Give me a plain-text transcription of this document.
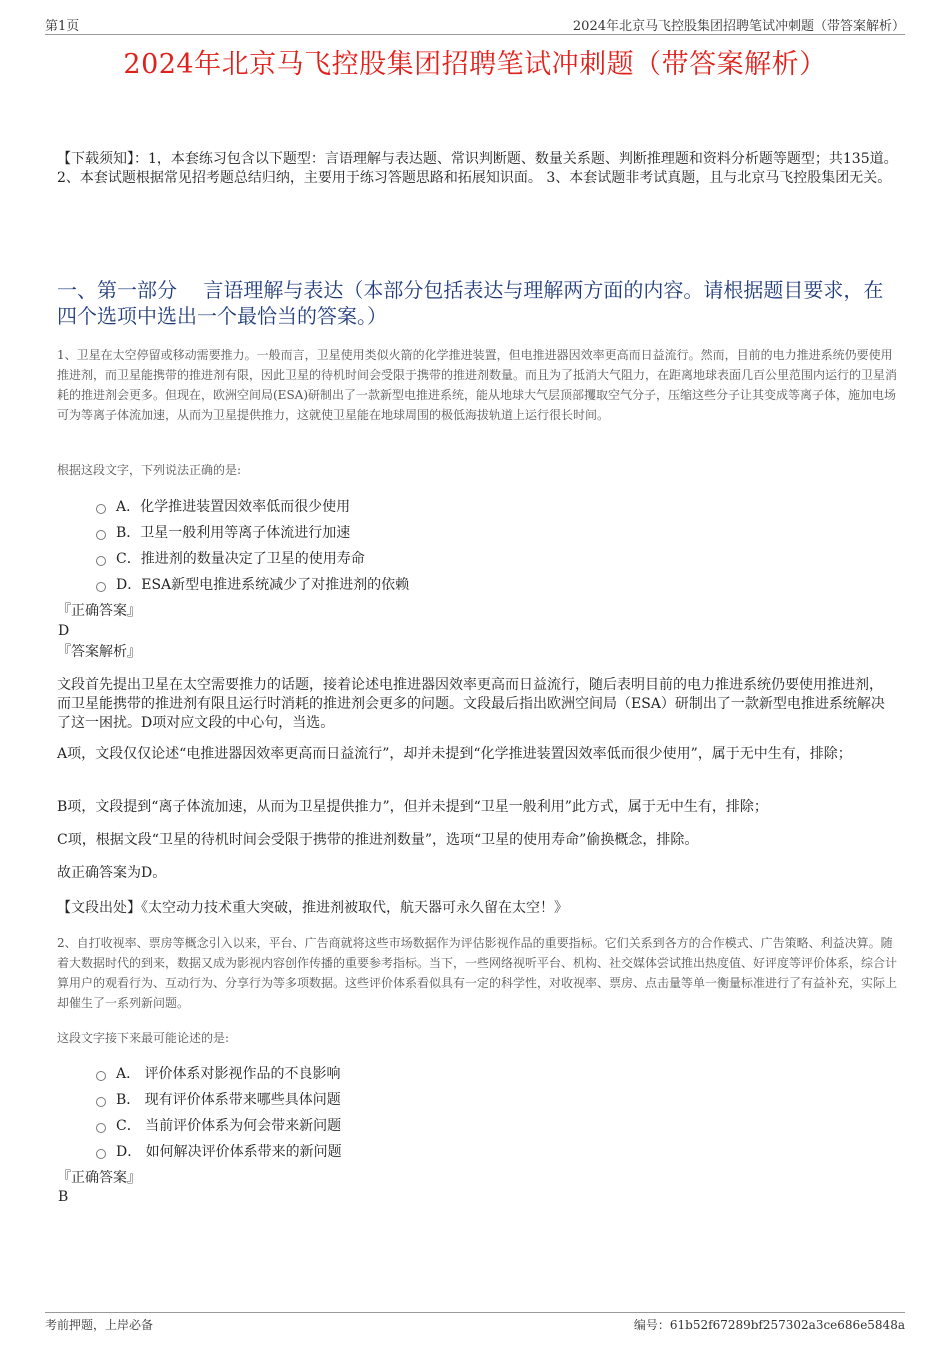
第1页	2024年北京马飞控股集团招聘笔试冲刺题（带答案解析）
2024年北京马飞控股集团招聘笔试冲刺题（带答案解析）
【下载须知】：1，本套练习包含以下题型：言语理解与表达题、常识判断题、数量关系题、判断推理题和资料分析题等题型；共135道。 2、本套试题根据常见招考题总结归纳，主要用于练习答题思路和拓展知识面。 3、本套试题非考试真题，且与北京马飞控股集团无关。
一、第一部分　 言语理解与表达（本部分包括表达与理解两方面的内容。请根据题目要求，在四个选项中选出一个最恰当的答案。）
1、卫星在太空停留或移动需要推力。一般而言，卫星使用类似火箭的化学推进装置，但电推进器因效率更高而日益流行。然而，目前的电力推进系统仍要使用推进剂，而卫星能携带的推进剂有限，因此卫星的待机时间会受限于携带的推进剂数量。而且为了抵消大气阻力，在距离地球表面几百公里范围内运行的卫星消耗的推进剂会更多。但现在，欧洲空间局(ESA)研制出了一款新型电推进系统，能从地球大气层顶部攫取空气分子，压缩这些分子让其变成等离子体，施加电场可为等离子体流加速，从而为卫星提供推力，这就使卫星能在地球周围的极低海拔轨道上运行很长时间。
根据这段文字，下列说法正确的是:
A．化学推进装置因效率低而很少使用
B．卫星一般利用等离子体流进行加速
C．推进剂的数量决定了卫星的使用寿命
D．ESA新型电推进系统减少了对推进剂的依赖
『正确答案』
D
『答案解析』
文段首先提出卫星在太空需要推力的话题，接着论述电推进器因效率更高而日益流行，随后表明目前的电力推进系统仍要使用推进剂，而卫星能携带的推进剂有限且运行时消耗的推进剂会更多的问题。文段最后指出欧洲空间局（ESA）研制出了一款新型电推进系统解决了这一困扰。D项对应文段的中心句，当选。
A项，文段仅仅论述“电推进器因效率更高而日益流行”，却并未提到“化学推进装置因效率低而很少使用”，属于无中生有，排除；
B项，文段提到“离子体流加速，从而为卫星提供推力”，但并未提到“卫星一般利用”此方式，属于无中生有，排除；
C项，根据文段“卫星的待机时间会受限于携带的推进剂数量”，选项“卫星的使用寿命”偷换概念，排除。
故正确答案为D。
【文段出处】《太空动力技术重大突破，推进剂被取代，航天器可永久留在太空！》
2、自打收视率、票房等概念引入以来，平台、广告商就将这些市场数据作为评估影视作品的重要指标。它们关系到各方的合作模式、广告策略、利益决算。随着大数据时代的到来，数据又成为影视内容创作传播的重要参考指标。当下，一些网络视听平台、机构、社交媒体尝试推出热度值、好评度等评价体系，综合计算用户的观看行为、互动行为、分享行为等多项数据。这些评价体系看似具有一定的科学性，对收视率、票房、点击量等单一衡量标准进行了有益补充，实际上却催生了一系列新问题。
这段文字接下来最可能论述的是:
A． 评价体系对影视作品的不良影响
B． 现有评价体系带来哪些具体问题
C． 当前评价体系为何会带来新问题
D． 如何解决评价体系带来的新问题
『正确答案』
B
考前押题，上岸必备	编号：61b52f67289bf257302a3ce686e5848a
